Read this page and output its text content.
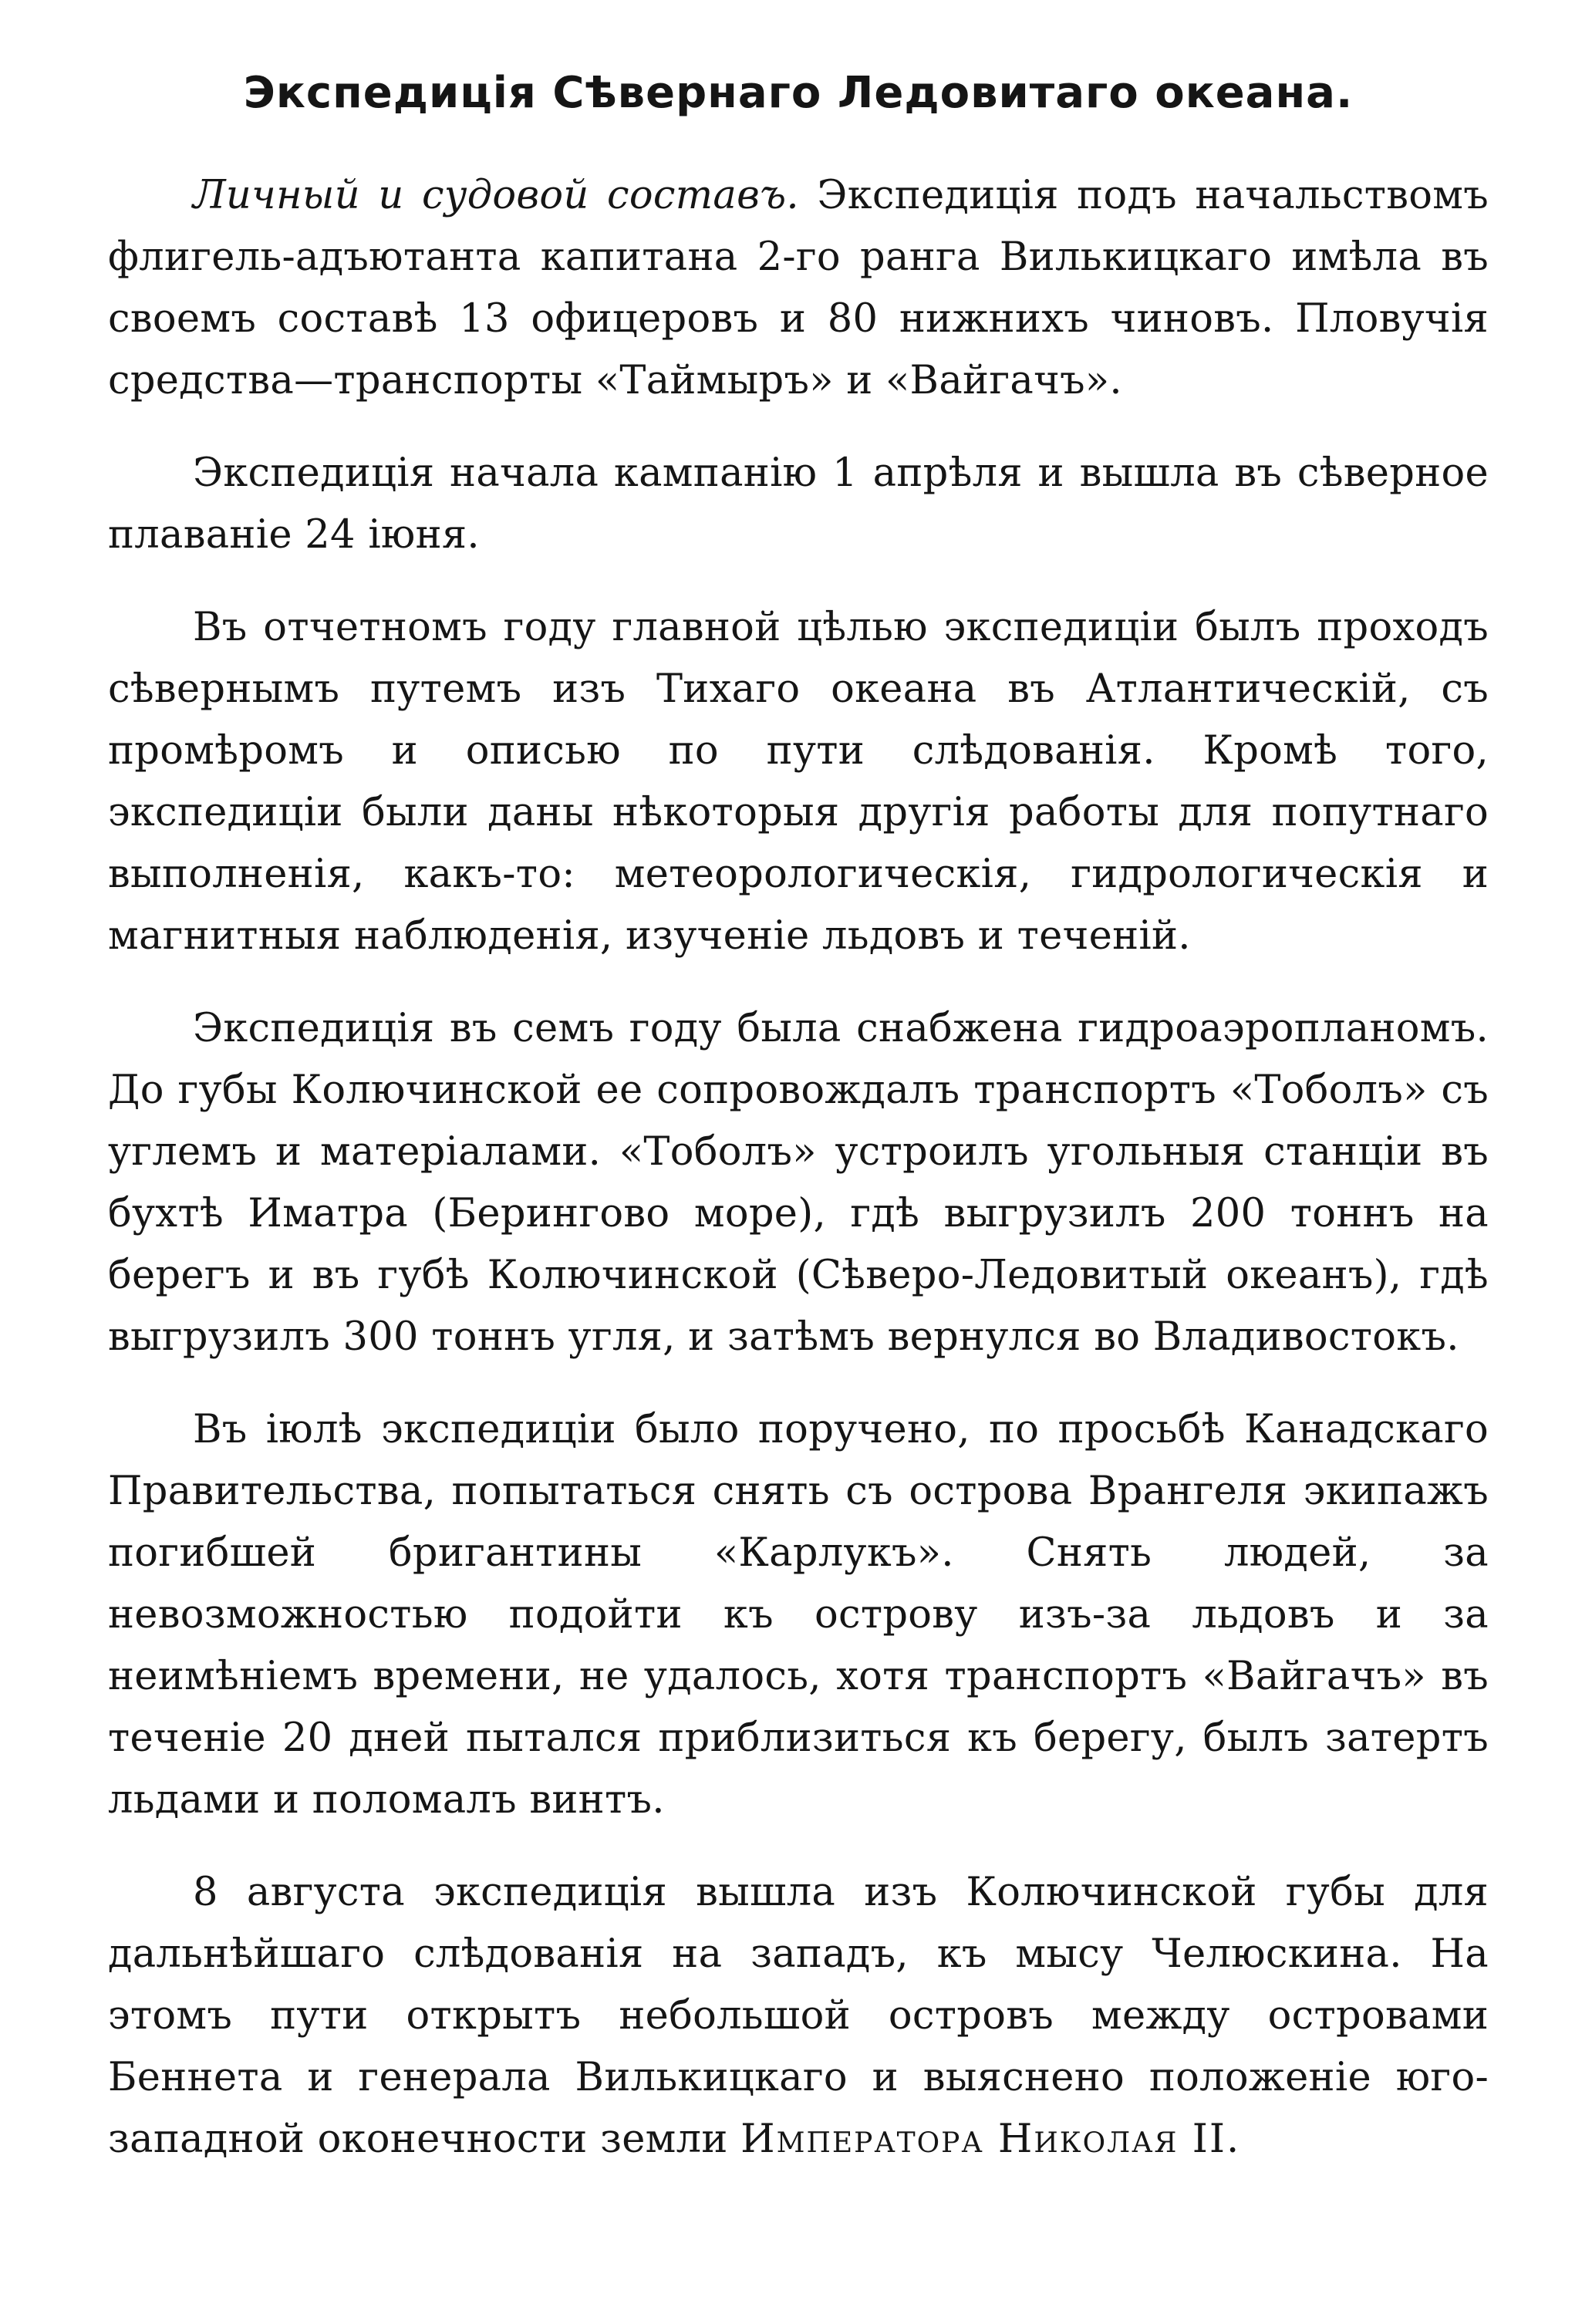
Экспедиція Сѣвернаго Ледовитаго океана.

Личный и судовой составъ. Экспедиція подъ начальствомъ флигель-адъютанта капитана 2-го ранга Вилькицкаго имѣла въ своемъ составѣ 13 офицеровъ и 80 нижнихъ чиновъ. Пловучія средства—транспорты «Таймыръ» и «Вайгачъ».

Экспедиція начала кампанію 1 апрѣля и вышла въ сѣверное плаваніе 24 іюня.

Въ отчетномъ году главной цѣлью экспедиціи былъ проходъ сѣвернымъ путемъ изъ Тихаго океана въ Атлантическій, съ промѣромъ и описью по пути слѣдованія. Кромѣ того, экспедиціи были даны нѣкоторыя другія работы для попутнаго выполненія, какъ-то: метеорологическія, гидрологическія и магнитныя наблюденія, изученіе льдовъ и теченій.

Экспедиція въ семъ году была снабжена гидроаэропланомъ. До губы Колючинской ее сопровождалъ транспортъ «Тоболъ» съ углемъ и матеріалами. «Тоболъ» устроилъ угольныя станціи въ бухтѣ Иматра (Берингово море), гдѣ выгрузилъ 200 тоннъ на берегъ и въ губѣ Колючинской (Сѣверо-Ледовитый океанъ), гдѣ выгрузилъ 300 тоннъ угля, и затѣмъ вернулся во Владивостокъ.

Въ іюлѣ экспедиціи было поручено, по просьбѣ Канадскаго Правительства, попытаться снять съ острова Врангеля экипажъ погибшей бригантины «Карлукъ». Снять людей, за невозможностью подойти къ острову изъ-за льдовъ и за неимѣніемъ времени, не удалось, хотя транспортъ «Вайгачъ» въ теченіе 20 дней пытался приблизиться къ берегу, былъ затертъ льдами и поломалъ винтъ.

8 августа экспедиція вышла изъ Колючинской губы для дальнѣйшаго слѣдованія на западъ, къ мысу Челюскина. На этомъ пути открытъ небольшой островъ между островами Беннета и генерала Вилькицкаго и выяснено положеніе юго-западной оконечности земли Императора Николая II.
